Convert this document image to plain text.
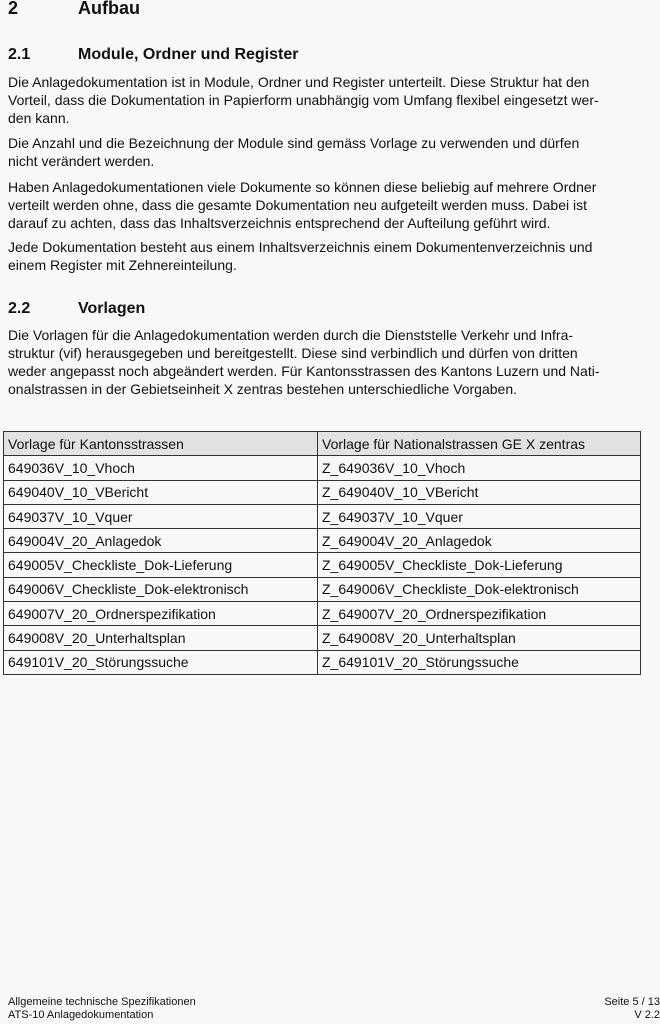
2	Aufbau
2.1	Module, Ordner und Register

Die Anlagedokumentation ist in Module, Ordner und Register unterteilt. Diese Struktur hat den
Vorteil, dass die Dokumentation in Papierform unabhängig vom Umfang flexibel eingesetzt wer-
den kann.

Die Anzahl und die Bezeichnung der Module sind gemäss Vorlage zu verwenden und dürfen
nicht verändert werden.

Haben Anlagedokumentationen viele Dokumente so können diese beliebig auf mehrere Ordner
verteilt werden ohne, dass die gesamte Dokumentation neu aufgeteilt werden muss. Dabei ist
darauf zu achten, dass das Inhaltsverzeichnis entsprechend der Aufteilung geführt wird.

Jede Dokumentation besteht aus einem Inhaltsverzeichnis einem Dokumentenverzeichnis und
einem Register mit Zehnereinteilung.

2.2	Vorlagen

Die Vorlagen für die Anlagedokumentation werden durch die Dienststelle Verkehr und Infra-
struktur (vif) herausgegeben und bereitgestellt. Diese sind verbindlich und dürfen von dritten
weder angepasst noch abgeändert werden. Für Kantonsstrassen des Kantons Luzern und Nati-
onalstrassen in der Gebietseinheit X zentras bestehen unterschiedliche Vorgaben.

Vorlage für Kantonsstrassen	Vorlage für Nationalstrassen GE X zentras
649036V_10_Vhoch	Z_649036V_10_Vhoch
649040V_10_VBericht	Z_649040V_10_VBericht
649037V_10_Vquer	Z_649037V_10_Vquer
649004V_20_Anlagedok	Z_649004V_20_Anlagedok
649005V_Checkliste_Dok-Lieferung	Z_649005V_Checkliste_Dok-Lieferung
649006V_Checkliste_Dok-elektronisch	Z_649006V_Checkliste_Dok-elektronisch
649007V_20_Ordnerspezifikation	Z_649007V_20_Ordnerspezifikation
649008V_20_Unterhaltsplan	Z_649008V_20_Unterhaltsplan
649101V_20_Störungssuche	Z_649101V_20_Störungssuche
Allgemeine technische Spezifikationen
ATS-10 Anlagedokumentation
Seite 5 / 13
V 2.2
